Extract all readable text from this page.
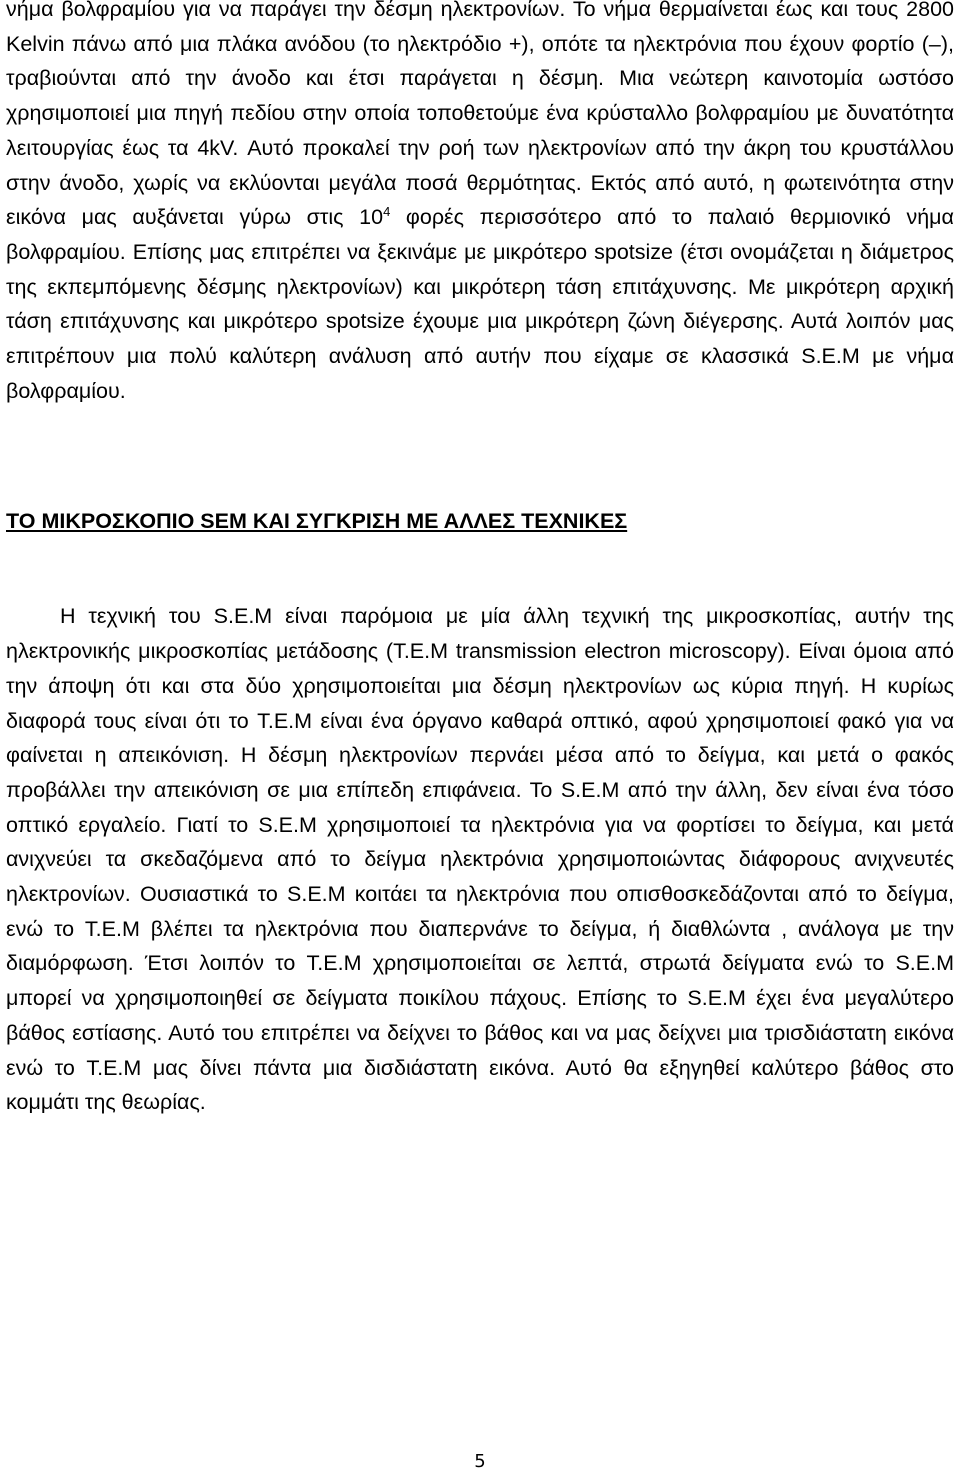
νήμα βολφραμίου για να παράγει την δέσμη ηλεκτρονίων. Το νήμα θερμαίνεται έως και τους 2800 Kelvin πάνω από μια πλάκα ανόδου (το ηλεκτρόδιο +), οπότε τα ηλεκτρόνια που έχουν φορτίο (–), τραβιούνται από την άνοδο και έτσι παράγεται η δέσμη. Μια νεώτερη καινοτομία ωστόσο χρησιμοποιεί μια πηγή πεδίου στην οποία τοποθετούμε ένα κρύσταλλο βολφραμίου με δυνατότητα λειτουργίας έως τα 4kV. Αυτό προκαλεί την ροή των ηλεκτρονίων από την άκρη του κρυστάλλου στην άνοδο, χωρίς να εκλύονται μεγάλα ποσά θερμότητας. Εκτός από αυτό, η φωτεινότητα στην εικόνα μας αυξάνεται γύρω στις $10^4$ φορές περισσότερο από το παλαιό θερμιονικό νήμα βολφραμίου. Επίσης μας επιτρέπει να ξεκινάμε με μικρότερο spotsize (έτσι ονομάζεται η διάμετρος της εκπεμπόμενης δέσμης ηλεκτρονίων) και μικρότερη τάση επιτάχυνσης. Με μικρότερη αρχική τάση επιτάχυνσης και μικρότερο spotsize έχουμε μια μικρότερη ζώνη διέγερσης. Αυτά λοιπόν μας επιτρέπουν μια πολύ καλύτερη ανάλυση από αυτήν που είχαμε σε κλασσικά S.E.M με νήμα βολφραμίου.

ΤΟ ΜΙΚΡΟΣΚΟΠΙΟ SEM ΚΑΙ ΣΥΓΚΡΙΣΗ ΜΕ ΑΛΛΕΣ ΤΕΧΝΙΚΕΣ

Η τεχνική του S.E.M είναι παρόμοια με μία άλλη τεχνική της μικροσκοπίας, αυτήν της ηλεκτρονικής μικροσκοπίας μετάδοσης (T.E.M transmission electron microscopy). Είναι όμοια από την άποψη ότι και στα δύο χρησιμοποιείται μια δέσμη ηλεκτρονίων ως κύρια πηγή. Η κυρίως διαφορά τους είναι ότι το T.E.M είναι ένα όργανο καθαρά οπτικό, αφού χρησιμοποιεί φακό για να φαίνεται η απεικόνιση. Η δέσμη ηλεκτρονίων περνάει μέσα από το δείγμα, και μετά ο φακός προβάλλει την απεικόνιση σε μια επίπεδη επιφάνεια. Το S.E.M από την άλλη, δεν είναι ένα τόσο οπτικό εργαλείο. Γιατί το S.E.M χρησιμοποιεί τα ηλεκτρόνια για να φορτίσει το δείγμα, και μετά ανιχνεύει τα σκεδαζόμενα από το δείγμα ηλεκτρόνια χρησιμοποιώντας διάφορους ανιχνευτές ηλεκτρονίων. Ουσιαστικά το S.E.M κοιτάει τα ηλεκτρόνια που οπισθοσκεδάζονται από το δείγμα, ενώ το T.E.M βλέπει τα ηλεκτρόνια που διαπερνάνε το δείγμα, ή διαθλώντα , ανάλογα με την διαμόρφωση. Έτσι λοιπόν το T.E.M χρησιμοποιείται σε λεπτά, στρωτά δείγματα ενώ το S.E.M μπορεί να χρησιμοποιηθεί σε δείγματα ποικίλου πάχους. Επίσης το S.E.M έχει ένα μεγαλύτερο βάθος εστίασης. Αυτό του επιτρέπει να δείχνει το βάθος και να μας δείχνει μια τρισδιάστατη εικόνα ενώ το T.E.M μας δίνει πάντα μια δισδιάστατη εικόνα. Αυτό θα εξηγηθεί καλύτερο βάθος στο κομμάτι της θεωρίας.

5
